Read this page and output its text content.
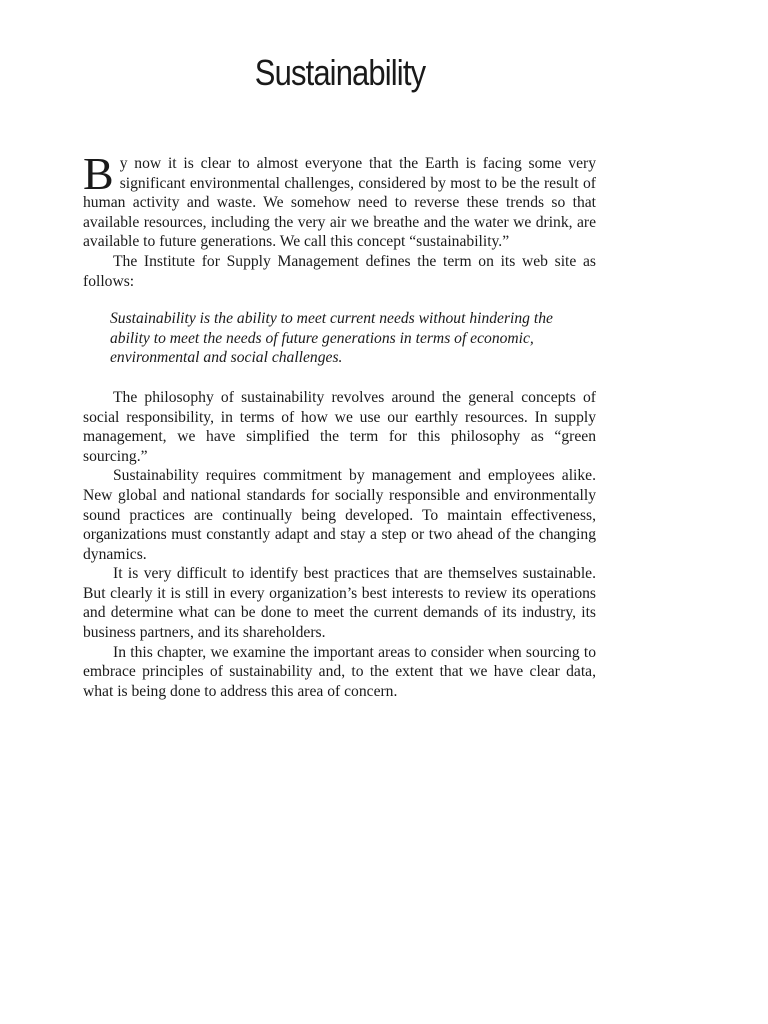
Sustainability

By now it is clear to almost everyone that the Earth is facing some very significant environmental challenges, considered by most to be the result of human activity and waste. We somehow need to reverse these trends so that available resources, including the very air we breathe and the water we drink, are available to future generations. We call this concept “sustainability.”

The Institute for Supply Management defines the term on its web site as follows:

Sustainability is the ability to meet current needs without hindering the ability to meet the needs of future generations in terms of economic, environmental and social challenges.

The philosophy of sustainability revolves around the general concepts of social responsibility, in terms of how we use our earthly resources. In supply management, we have simplified the term for this philosophy as “green sourcing.”

Sustainability requires commitment by management and employees alike. New global and national standards for socially responsible and environmentally sound practices are continually being developed. To maintain effectiveness, organizations must constantly adapt and stay a step or two ahead of the changing dynamics.

It is very difficult to identify best practices that are themselves sustainable. But clearly it is still in every organization’s best interests to review its operations and determine what can be done to meet the current demands of its industry, its business partners, and its shareholders.

In this chapter, we examine the important areas to consider when sourcing to embrace principles of sustainability and, to the extent that we have clear data, what is being done to address this area of concern.
